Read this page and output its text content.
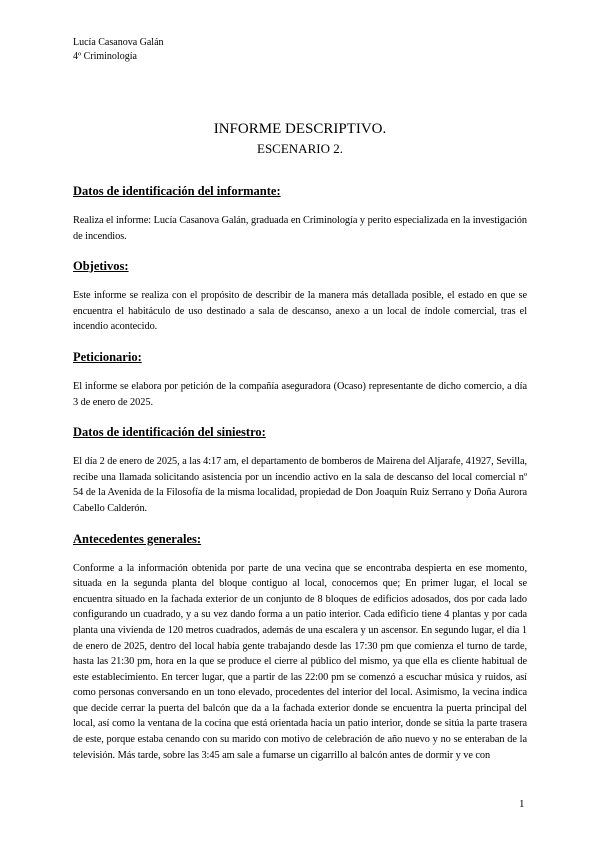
Lucía Casanova Galán
4º Criminología
INFORME DESCRIPTIVO.
ESCENARIO 2.
Datos de identificación del informante:

Realiza el informe: Lucía Casanova Galán, graduada en Criminología y perito especializada en la investigación de incendios.

Objetivos:

Este informe se realiza con el propósito de describir de la manera más detallada posible, el estado en que se encuentra el habitáculo de uso destinado a sala de descanso, anexo a un local de índole comercial, tras el incendio acontecido.

Peticionario:

El informe se elabora por petición de la compañía aseguradora (Ocaso) representante de dicho comercio, a día 3 de enero de 2025.

Datos de identificación del siniestro:

El día 2 de enero de 2025, a las 4:17 am, el departamento de bomberos de Mairena del Aljarafe, 41927, Sevilla, recibe una llamada solicitando asistencia por un incendio activo en la sala de descanso del local comercial nº 54 de la Avenida de la Filosofía de la misma localidad, propiedad de Don Joaquín Ruiz Serrano y Doña Aurora Cabello Calderón.

Antecedentes generales:

Conforme a la información obtenida por parte de una vecina que se encontraba despierta en ese momento, situada en la segunda planta del bloque contiguo al local, conocemos que; En primer lugar, el local se encuentra situado en la fachada exterior de un conjunto de 8 bloques de edificios adosados, dos por cada lado configurando un cuadrado, y a su vez dando forma a un patio interior. Cada edificio tiene 4 plantas y por cada planta una vivienda de 120 metros cuadrados, además de una escalera y un ascensor. En segundo lugar, el día 1 de enero de 2025, dentro del local había gente trabajando desde las 17:30 pm que comienza el turno de tarde, hasta las 21:30 pm, hora en la que se produce el cierre al público del mismo, ya que ella es cliente habitual de este establecimiento. En tercer lugar, que a partir de las 22:00 pm se comenzó a escuchar música y ruidos, así como personas conversando en un tono elevado, procedentes del interior del local. Asimismo, la vecina indica que decide cerrar la puerta del balcón que da a la fachada exterior donde se encuentra la puerta principal del local, así como la ventana de la cocina que está orientada hacia un patio interior, donde se sitúa la parte trasera de este, porque estaba cenando con su marido con motivo de celebración de año nuevo y no se enteraban de la televisión. Más tarde, sobre las 3:45 am sale a fumarse un cigarrillo al balcón antes de dormir y ve con

1
